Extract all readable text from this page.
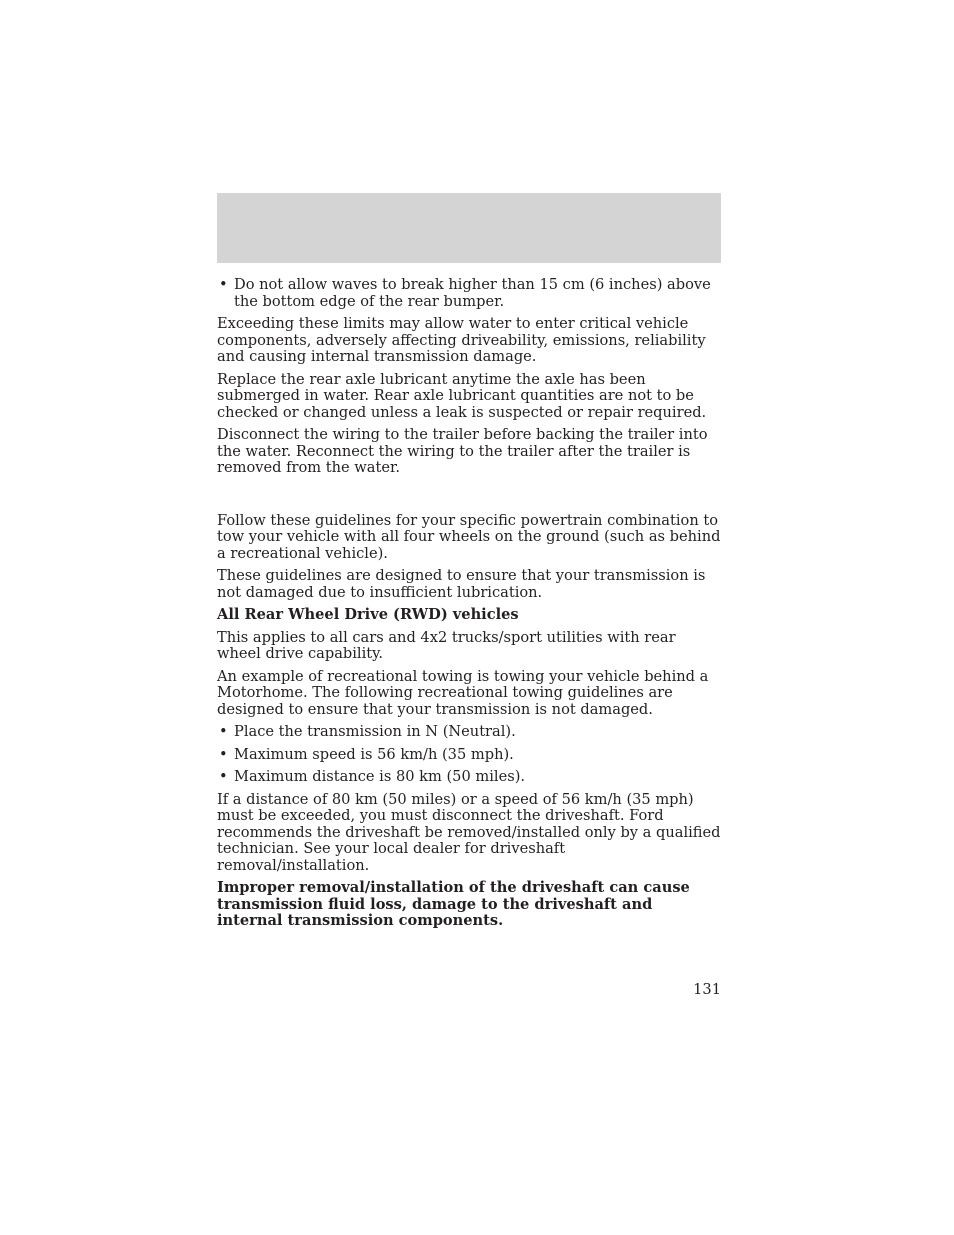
• Do not allow waves to break higher than 15 cm (6 inches) above the bottom edge of the rear bumper.

Exceeding these limits may allow water to enter critical vehicle components, adversely affecting driveability, emissions, reliability and causing internal transmission damage.

Replace the rear axle lubricant anytime the axle has been submerged in water. Rear axle lubricant quantities are not to be checked or changed unless a leak is suspected or repair required.

Disconnect the wiring to the trailer before backing the trailer into the water. Reconnect the wiring to the trailer after the trailer is removed from the water.

Follow these guidelines for your specific powertrain combination to tow your vehicle with all four wheels on the ground (such as behind a recreational vehicle).

These guidelines are designed to ensure that your transmission is not damaged due to insufficient lubrication.

All Rear Wheel Drive (RWD) vehicles

This applies to all cars and 4x2 trucks/sport utilities with rear wheel drive capability.

An example of recreational towing is towing your vehicle behind a Motorhome. The following recreational towing guidelines are designed to ensure that your transmission is not damaged.

• Place the transmission in N (Neutral).
• Maximum speed is 56 km/h (35 mph).
• Maximum distance is 80 km (50 miles).

If a distance of 80 km (50 miles) or a speed of 56 km/h (35 mph) must be exceeded, you must disconnect the driveshaft. Ford recommends the driveshaft be removed/installed only by a qualified technician. See your local dealer for driveshaft removal/installation.

Improper removal/installation of the driveshaft can cause transmission fluid loss, damage to the driveshaft and internal transmission components.

131
